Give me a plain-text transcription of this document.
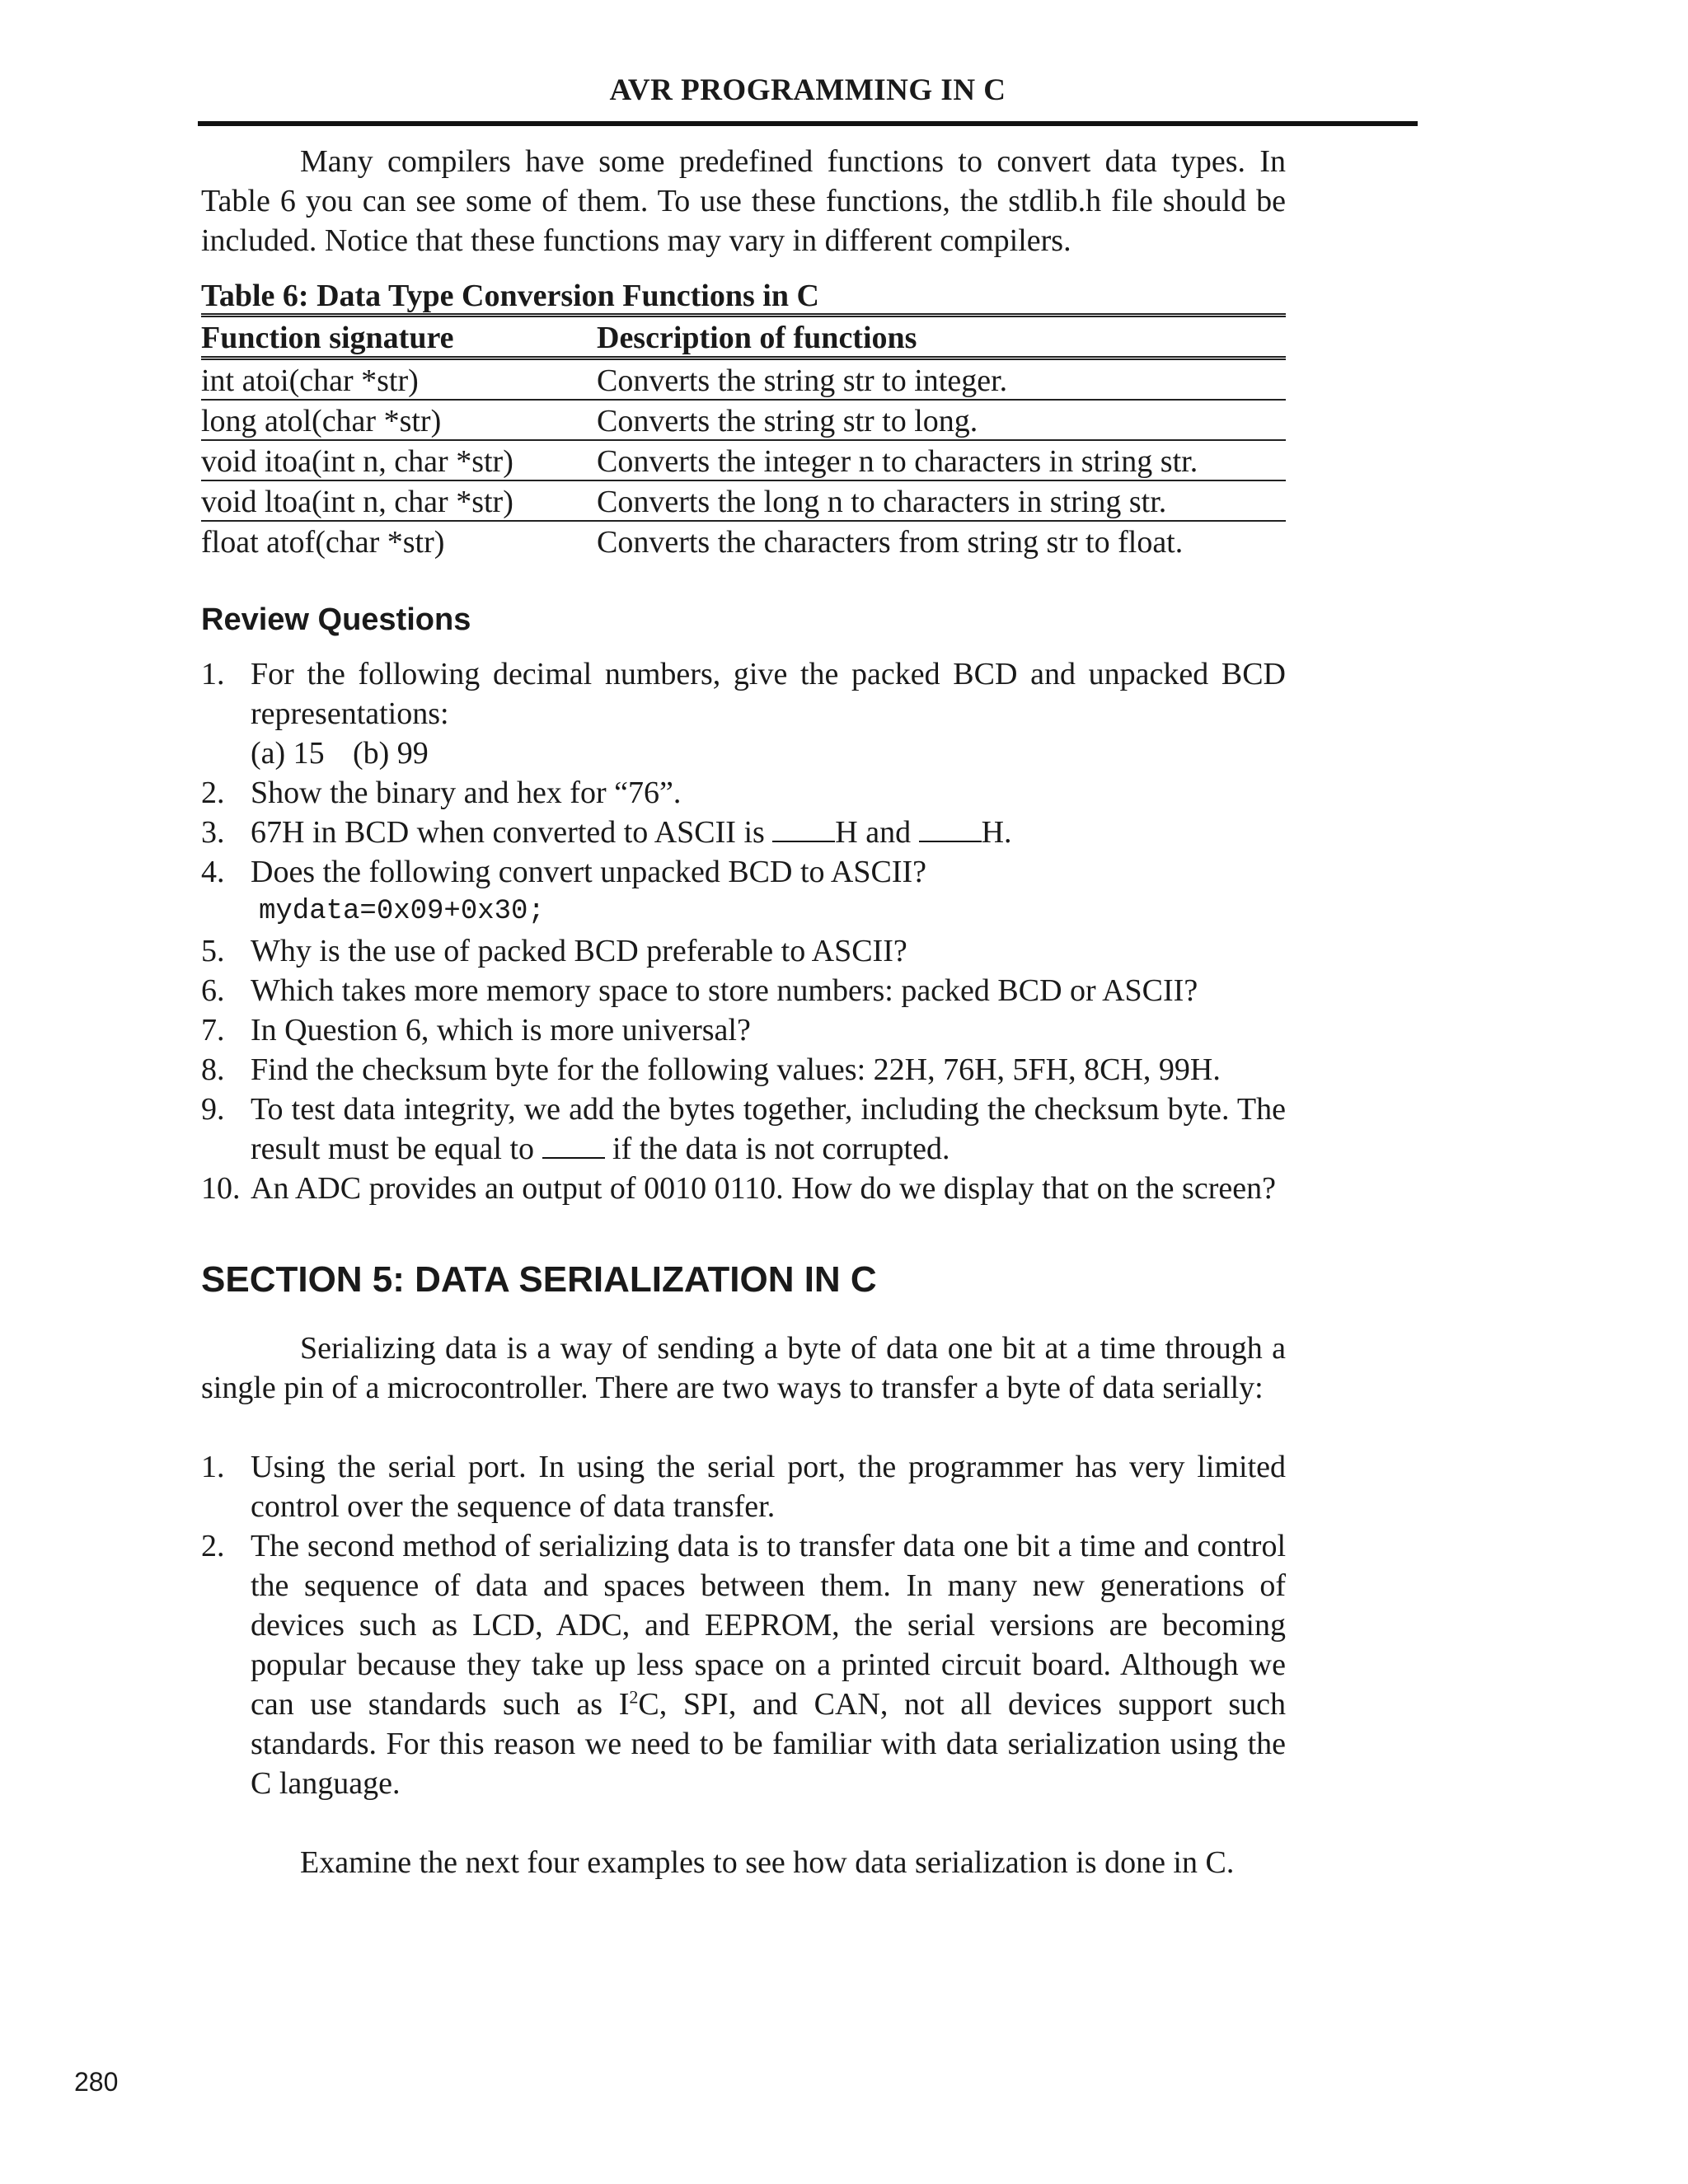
AVR PROGRAMMING IN C

Many compilers have some predefined functions to convert data types. In Table 6 you can see some of them. To use these functions, the stdlib.h file should be included. Notice that these functions may vary in different compilers.

Table 6: Data Type Conversion Functions in C
Function signature	Description of functions
int atoi(char *str)	Converts the string str to integer.
long atol(char *str)	Converts the string str to long.
void itoa(int n, char *str)	Converts the integer n to characters in string str.
void ltoa(int n, char *str)	Converts the long n to characters in string str.
float atof(char *str)	Converts the characters from string str to float.
Review Questions
1. For the following decimal numbers, give the packed BCD and unpacked BCD representations:
(a) 15 (b) 99
2. Show the binary and hex for “76”.
3. 67H in BCD when converted to ASCII is H and H.
4. Does the following convert unpacked BCD to ASCII?
mydata=0x09+0x30;
5. Why is the use of packed BCD preferable to ASCII?
6. Which takes more memory space to store numbers: packed BCD or ASCII?
7. In Question 6, which is more universal?
8. Find the checksum byte for the following values: 22H, 76H, 5FH, 8CH, 99H.
9. To test data integrity, we add the bytes together, including the checksum byte. The result must be equal to  if the data is not corrupted.
10. An ADC provides an output of 0010 0110. How do we display that on the screen?
SECTION 5: DATA SERIALIZATION IN C

Serializing data is a way of sending a byte of data one bit at a time through a single pin of a microcontroller. There are two ways to transfer a byte of data serially:

1. Using the serial port. In using the serial port, the programmer has very limited control over the sequence of data transfer.
2. The second method of serializing data is to transfer data one bit a time and control the sequence of data and spaces between them. In many new generations of devices such as LCD, ADC, and EEPROM, the serial versions are becoming popular because they take up less space on a printed circuit board. Although we can use standards such as $I^2C$, SPI, and CAN, not all devices support such standards. For this reason we need to be familiar with data serialization using the C language.

Examine the next four examples to see how data serialization is done in C.

280
